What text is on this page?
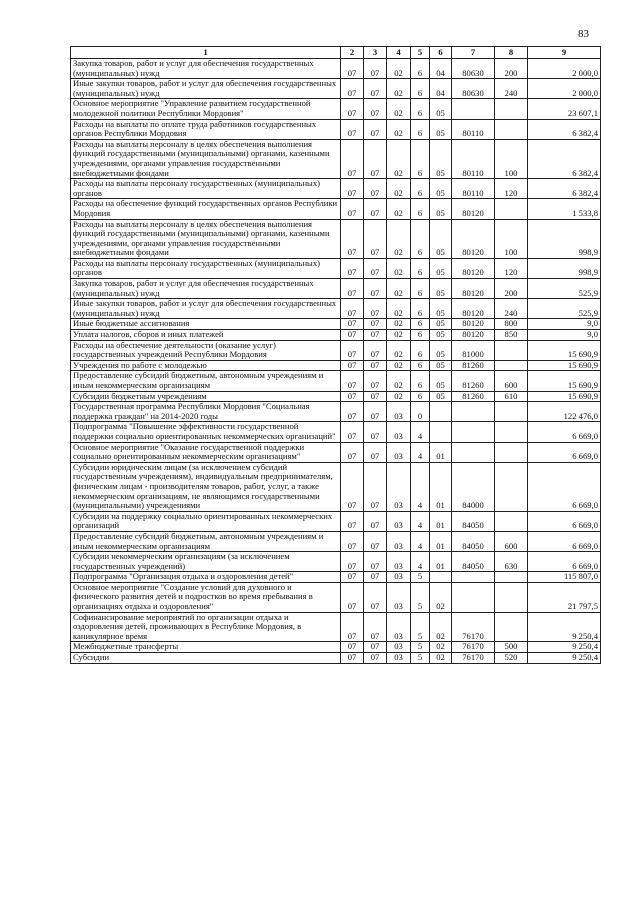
83
1	2	3	4	5	6	7	8	9
Закупка товаров, работ и услуг для обеспечения государственных (муниципальных) нужд	07	07	02	6	04	80630	200	2 000,0
Иные закупки товаров, работ и услуг для обеспечения государственных (муниципальных) нужд	07	07	02	6	04	80630	240	2 000,0
Основное мероприятие "Управление развитием государственной молодежной политики Республики Мордовия"	07	07	02	6	05			23 607,1
Расходы на выплаты по оплате труда работников государственных органов Республики Мордовия	07	07	02	6	05	80110		6 382,4
Расходы на выплаты персоналу в целях обеспечения выполнения функций государственными (муниципальными) органами, казенными учреждениями, органами управления государственными внебюджетными фондами	07	07	02	6	05	80110	100	6 382,4
Расходы на выплаты персоналу государственных (муниципальных) органов	07	07	02	6	05	80110	120	6 382,4
Расходы на обеспечение функций государственных органов Республики Мордовия	07	07	02	6	05	80120		1 533,8
Расходы на выплаты персоналу в целях обеспечения выполнения функций государственными (муниципальными) органами, казенными учреждениями, органами управления государственными внебюджетными фондами	07	07	02	6	05	80120	100	998,9
Расходы на выплаты персоналу государственных (муниципальных) органов	07	07	02	6	05	80120	120	998,9
Закупка товаров, работ и услуг для обеспечения государственных (муниципальных) нужд	07	07	02	6	05	80120	200	525,9
Иные закупки товаров, работ и услуг для обеспечения государственных (муниципальных) нужд	07	07	02	6	05	80120	240	525,9
Иные бюджетные ассигнования	07	07	02	6	05	80120	800	9,0
Уплата налогов, сборов и иных платежей	07	07	02	6	05	80120	850	9,0
Расходы на обеспечение деятельности (оказание услуг) государственных учреждений Республики Мордовия	07	07	02	6	05	81000		15 690,9
Учреждения по работе с молодежью	07	07	02	6	05	81260		15 690,9
Предоставление субсидий бюджетным, автономным учреждениям и иным некоммерческим организациям	07	07	02	6	05	81260	600	15 690,9
Субсидии бюджетным учреждениям	07	07	02	6	05	81260	610	15 690,9
Государственная программа Республики Мордовия "Социальная поддержка граждан" на 2014-2020 годы	07	07	03	0				122 476,0
Подпрограмма "Повышение эффективности государственной поддержки социально ориентированных некоммерческих организаций"	07	07	03	4				6 669,0
Основное мероприятие "Оказание государственной поддержки социально ориентированным некоммерческим организациям"	07	07	03	4	01			6 669,0
Субсидии юридическим лицам (за исключением субсидий государственным учреждениям), индивидуальным предпринимателям, физическим лицам - производителям товаров, работ, услуг, а также некоммерческим организациям, не являющимся государственными (муниципальными) учреждениями	07	07	03	4	01	84000		6 669,0
Субсидии на поддержку социально ориентированных некоммерческих организаций	07	07	03	4	01	84050		6 669,0
Предоставление субсидий бюджетным, автономным учреждениям и иным некоммерческим организациям	07	07	03	4	01	84050	600	6 669,0
Субсидии некоммерческим организациям (за исключением государственных учреждений)	07	07	03	4	01	84050	630	6 669,0
Подпрограмма "Организация отдыха и оздоровления детей"	07	07	03	5				115 807,0
Основное мероприятие "Создание условий для духовного и физического развития детей и подростков во время пребывания в организациях отдыха и оздоровления"	07	07	03	5	02			21 797,5
Софинансирование мероприятий по организации отдыха и оздоровления детей, проживающих в Республике Мордовия, в каникулярное время	07	07	03	5	02	76170		9 250,4
Межбюджетные трансферты	07	07	03	5	02	76170	500	9 250,4
Субсидии	07	07	03	5	02	76170	520	9 250,4
